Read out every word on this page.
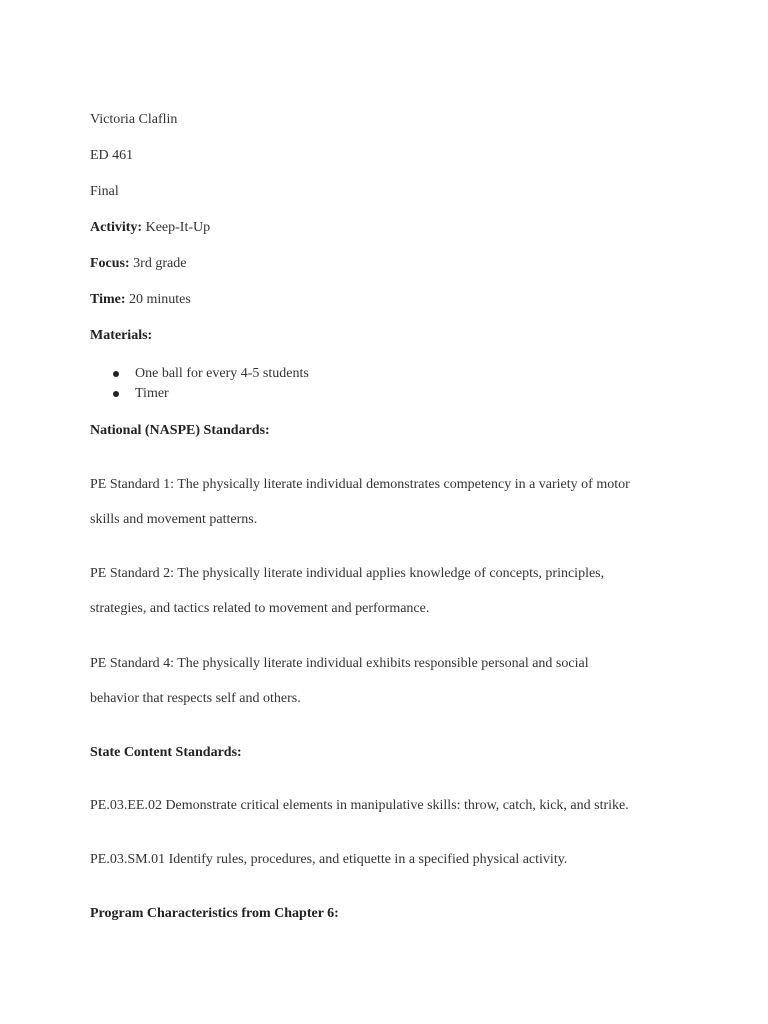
Victoria Claflin
ED 461
Final
Activity: Keep-It-Up
Focus: 3rd grade
Time: 20 minutes
Materials:
One ball for every 4-5 students
Timer
National (NASPE) Standards:
PE Standard 1: The physically literate individual demonstrates competency in a variety of motor
skills and movement patterns.
PE Standard 2: The physically literate individual applies knowledge of concepts, principles,
strategies, and tactics related to movement and performance.
PE Standard 4: The physically literate individual exhibits responsible personal and social
behavior that respects self and others.
State Content Standards:
PE.03.EE.02 Demonstrate critical elements in manipulative skills: throw, catch, kick, and strike.
PE.03.SM.01 Identify rules, procedures, and etiquette in a specified physical activity.
Program Characteristics from Chapter 6:
